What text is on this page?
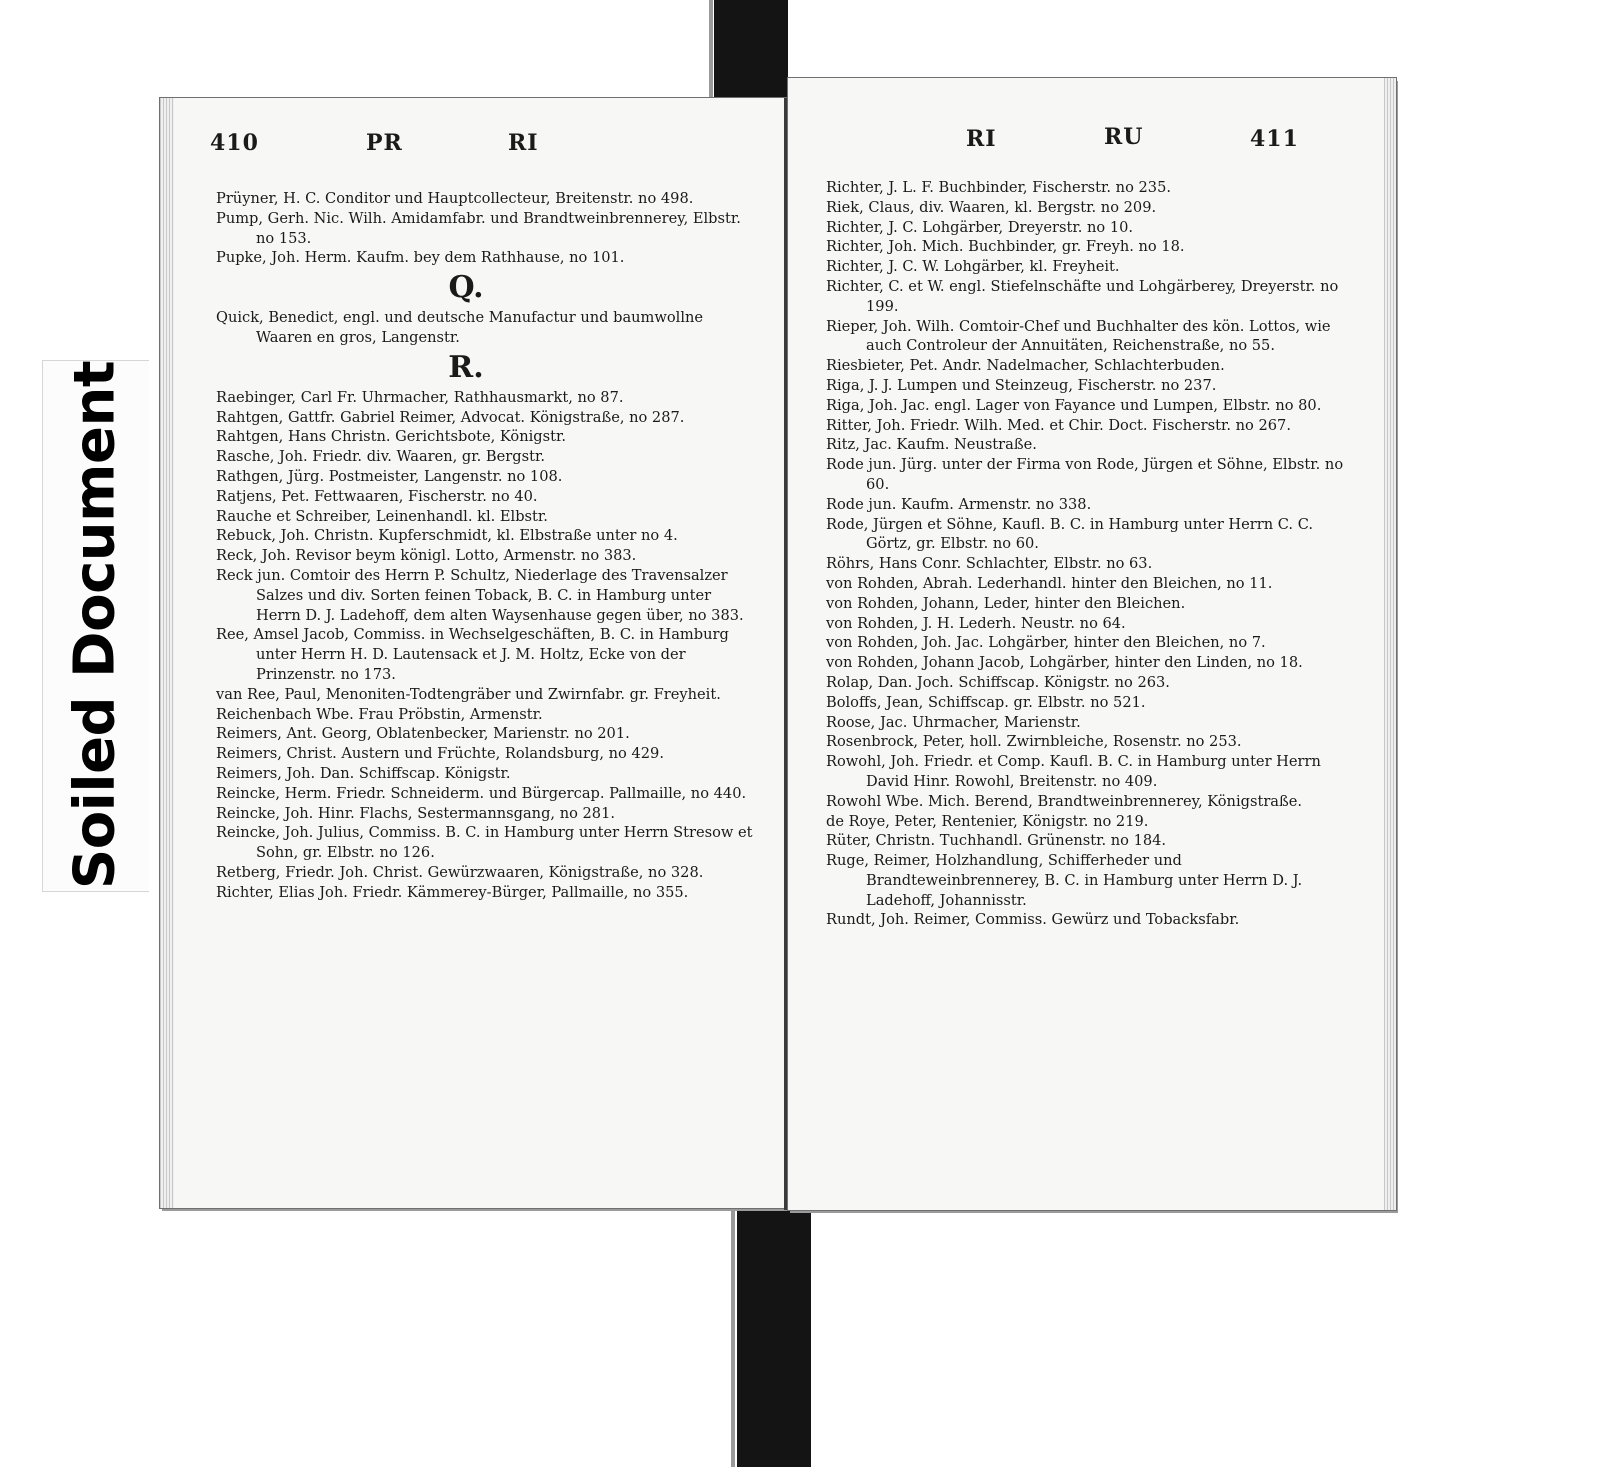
Soiled Document
410	PR	RI
Prüyner, H. C. Conditor und Hauptcollecteur, Breitenstr. no 498.
Pump, Gerh. Nic. Wilh. Amidamfabr. und Brandtweinbrennerey, Elbstr. no 153.
Pupke, Joh. Herm. Kaufm. bey dem Rathhause, no 101.
Q.
Quick, Benedict, engl. und deutsche Manufactur und baumwollne Waaren en gros, Langenstr.
R.
Raebinger, Carl Fr. Uhrmacher, Rathhausmarkt, no 87.
Rahtgen, Gattfr. Gabriel Reimer, Advocat. Königstraße, no 287.
Rahtgen, Hans Christn. Gerichtsbote, Königstr.
Rasche, Joh. Friedr. div. Waaren, gr. Bergstr.
Rathgen, Jürg. Postmeister, Langenstr. no 108.
Ratjens, Pet. Fettwaaren, Fischerstr. no 40.
Rauche et Schreiber, Leinenhandl. kl. Elbstr.
Rebuck, Joh. Christn. Kupferschmidt, kl. Elbstraße unter no 4.
Reck, Joh. Revisor beym königl. Lotto, Armenstr. no 383.
Reck jun. Comtoir des Herrn P. Schultz, Niederlage des Travensalzer Salzes und div. Sorten feinen Toback, B. C. in Hamburg unter Herrn D. J. Ladehoff, dem alten Waysenhause gegen über, no 383.
Ree, Amsel Jacob, Commiss. in Wechselgeschäften, B. C. in Hamburg unter Herrn H. D. Lautensack et J. M. Holtz, Ecke von der Prinzenstr. no 173.
van Ree, Paul, Menoniten-Todtengräber und Zwirnfabr. gr. Freyheit.
Reichenbach Wbe. Frau Pröbstin, Armenstr.
Reimers, Ant. Georg, Oblatenbecker, Marienstr. no 201.
Reimers, Christ. Austern und Früchte, Rolandsburg, no 429.
Reimers, Joh. Dan. Schiffscap. Königstr.
Reincke, Herm. Friedr. Schneiderm. und Bürgercap. Pallmaille, no 440.
Reincke, Joh. Hinr. Flachs, Sestermannsgang, no 281.
Reincke, Joh. Julius, Commiss. B. C. in Hamburg unter Herrn Stresow et Sohn, gr. Elbstr. no 126.
Retberg, Friedr. Joh. Christ. Gewürzwaaren, Königstraße, no 328.
Richter, Elias Joh. Friedr. Kämmerey-Bürger, Pallmaille, no 355.
RI	RU	411
Richter, J. L. F. Buchbinder, Fischerstr. no 235.
Riek, Claus, div. Waaren, kl. Bergstr. no 209.
Richter, J. C. Lohgärber, Dreyerstr. no 10.
Richter, Joh. Mich. Buchbinder, gr. Freyh. no 18.
Richter, J. C. W. Lohgärber, kl. Freyheit.
Richter, C. et W. engl. Stiefelnschäfte und Lohgärberey, Dreyerstr. no 199.
Rieper, Joh. Wilh. Comtoir-Chef und Buchhalter des kön. Lottos, wie auch Controleur der Annuitäten, Reichenstraße, no 55.
Riesbieter, Pet. Andr. Nadelmacher, Schlachterbuden.
Riga, J. J. Lumpen und Steinzeug, Fischerstr. no 237.
Riga, Joh. Jac. engl. Lager von Fayance und Lumpen, Elbstr. no 80.
Ritter, Joh. Friedr. Wilh. Med. et Chir. Doct. Fischerstr. no 267.
Ritz, Jac. Kaufm. Neustraße.
Rode jun. Jürg. unter der Firma von Rode, Jürgen et Söhne, Elbstr. no 60.
Rode jun. Kaufm. Armenstr. no 338.
Rode, Jürgen et Söhne, Kaufl. B. C. in Hamburg unter Herrn C. C. Görtz, gr. Elbstr. no 60.
Röhrs, Hans Conr. Schlachter, Elbstr. no 63.
von Rohden, Abrah. Lederhandl. hinter den Bleichen, no 11.
von Rohden, Johann, Leder, hinter den Bleichen.
von Rohden, J. H. Lederh. Neustr. no 64.
von Rohden, Joh. Jac. Lohgärber, hinter den Bleichen, no 7.
von Rohden, Johann Jacob, Lohgärber, hinter den Linden, no 18.
Rolap, Dan. Joch. Schiffscap. Königstr. no 263.
Boloffs, Jean, Schiffscap. gr. Elbstr. no 521.
Roose, Jac. Uhrmacher, Marienstr.
Rosenbrock, Peter, holl. Zwirnbleiche, Rosenstr. no 253.
Rowohl, Joh. Friedr. et Comp. Kaufl. B. C. in Hamburg unter Herrn David Hinr. Rowohl, Breitenstr. no 409.
Rowohl Wbe. Mich. Berend, Brandtweinbrennerey, Königstraße.
de Roye, Peter, Rentenier, Königstr. no 219.
Rüter, Christn. Tuchhandl. Grünenstr. no 184.
Ruge, Reimer, Holzhandlung, Schifferheder und Brandteweinbrennerey, B. C. in Hamburg unter Herrn D. J. Ladehoff, Johannisstr.
Rundt, Joh. Reimer, Commiss. Gewürz und Tobacksfabr.
